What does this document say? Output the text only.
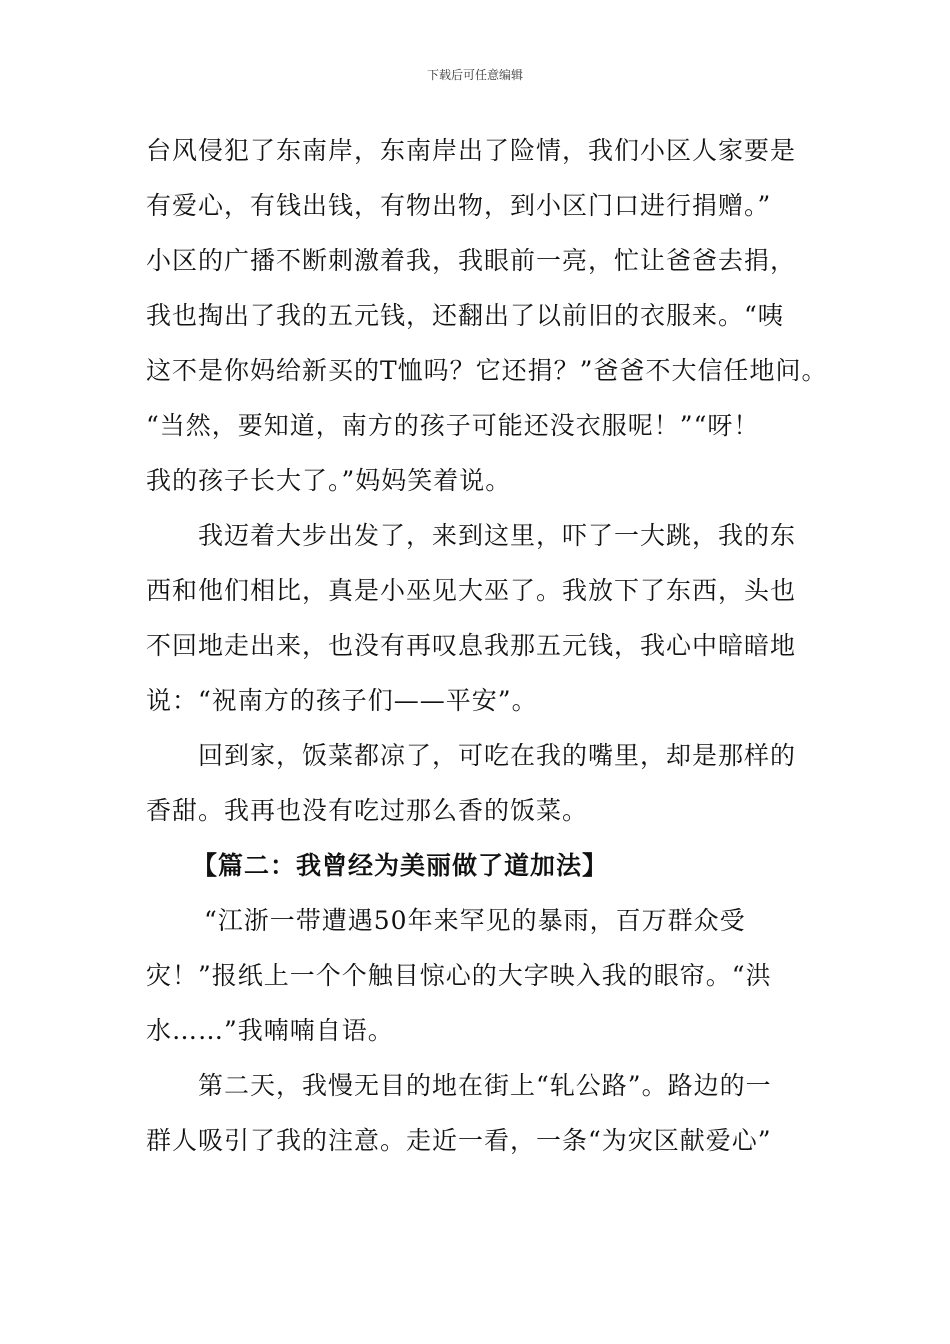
下载后可任意编辑
台风侵犯了东南岸，东南岸出了险情，我们小区人家要是
有爱心，有钱出钱，有物出物，到小区门口进行捐赠。”
小区的广播不断刺激着我，我眼前一亮，忙让爸爸去捐，
我也掏出了我的五元钱，还翻出了以前旧的衣服来。“咦
这不是你妈给新买的T恤吗？它还捐？”爸爸不大信任地问。
“当然，要知道，南方的孩子可能还没衣服呢！”“呀！
我的孩子长大了。”妈妈笑着说。
我迈着大步出发了，来到这里，吓了一大跳，我的东
西和他们相比，真是小巫见大巫了。我放下了东西，头也
不回地走出来，也没有再叹息我那五元钱，我心中暗暗地
说：“祝南方的孩子们——平安”。
回到家，饭菜都凉了，可吃在我的嘴里，却是那样的
香甜。我再也没有吃过那么香的饭菜。
【篇二：我曾经为美丽做了道加法】
“江浙一带遭遇50年来罕见的暴雨，百万群众受
灾！”报纸上一个个触目惊心的大字映入我的眼帘。“洪
水……”我喃喃自语。
第二天，我慢无目的地在街上“轧公路”。路边的一
群人吸引了我的注意。走近一看，一条“为灾区献爱心”
